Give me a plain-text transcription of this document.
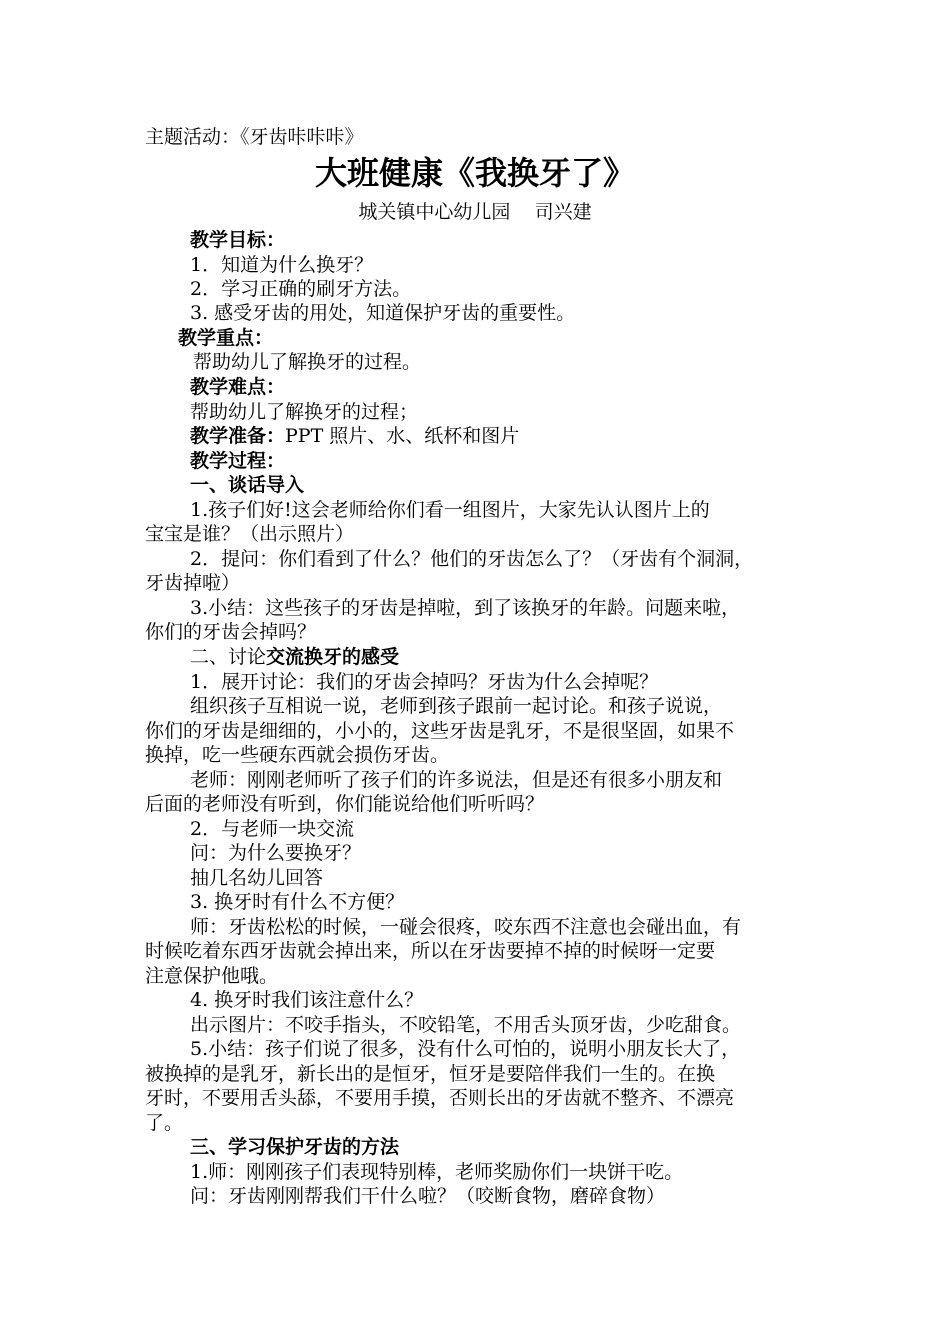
主题活动：《牙齿咔咔咔》
大班健康《我换牙了》
城关镇中心幼儿园    司兴建
教学目标：
1．知道为什么换牙？
2．学习正确的刷牙方法。
3. 感受牙齿的用处，知道保护牙齿的重要性。
教学重点：
帮助幼儿了解换牙的过程。
教学难点：
帮助幼儿了解换牙的过程；
教学准备：PPT 照片、水、纸杯和图片
教学过程：
一、谈话导入
1.孩子们好!这会老师给你们看一组图片，大家先认认图片上的
宝宝是谁？（出示照片）
2．提问：你们看到了什么？他们的牙齿怎么了？（牙齿有个洞洞，
牙齿掉啦）
3.小结：这些孩子的牙齿是掉啦，到了该换牙的年龄。问题来啦，
你们的牙齿会掉吗？
二、讨论交流换牙的感受
1．展开讨论：我们的牙齿会掉吗？牙齿为什么会掉呢？
组织孩子互相说一说，老师到孩子跟前一起讨论。和孩子说说，
你们的牙齿是细细的，小小的，这些牙齿是乳牙，不是很坚固，如果不
换掉，吃一些硬东西就会损伤牙齿。
老师：刚刚老师听了孩子们的许多说法，但是还有很多小朋友和
后面的老师没有听到，你们能说给他们听听吗？
2．与老师一块交流
问：为什么要换牙？
抽几名幼儿回答
3. 换牙时有什么不方便？
师：牙齿松松的时候，一碰会很疼，咬东西不注意也会碰出血，有
时候吃着东西牙齿就会掉出来，所以在牙齿要掉不掉的时候呀一定要
注意保护他哦。
4. 换牙时我们该注意什么？
出示图片：不咬手指头，不咬铅笔，不用舌头顶牙齿，少吃甜食。
5.小结：孩子们说了很多，没有什么可怕的，说明小朋友长大了，
被换掉的是乳牙，新长出的是恒牙，恒牙是要陪伴我们一生的。在换
牙时，不要用舌头舔，不要用手摸，否则长出的牙齿就不整齐、不漂亮
了。
三、学习保护牙齿的方法
1.师：刚刚孩子们表现特别棒，老师奖励你们一块饼干吃。
问：牙齿刚刚帮我们干什么啦？（咬断食物，磨碎食物）
